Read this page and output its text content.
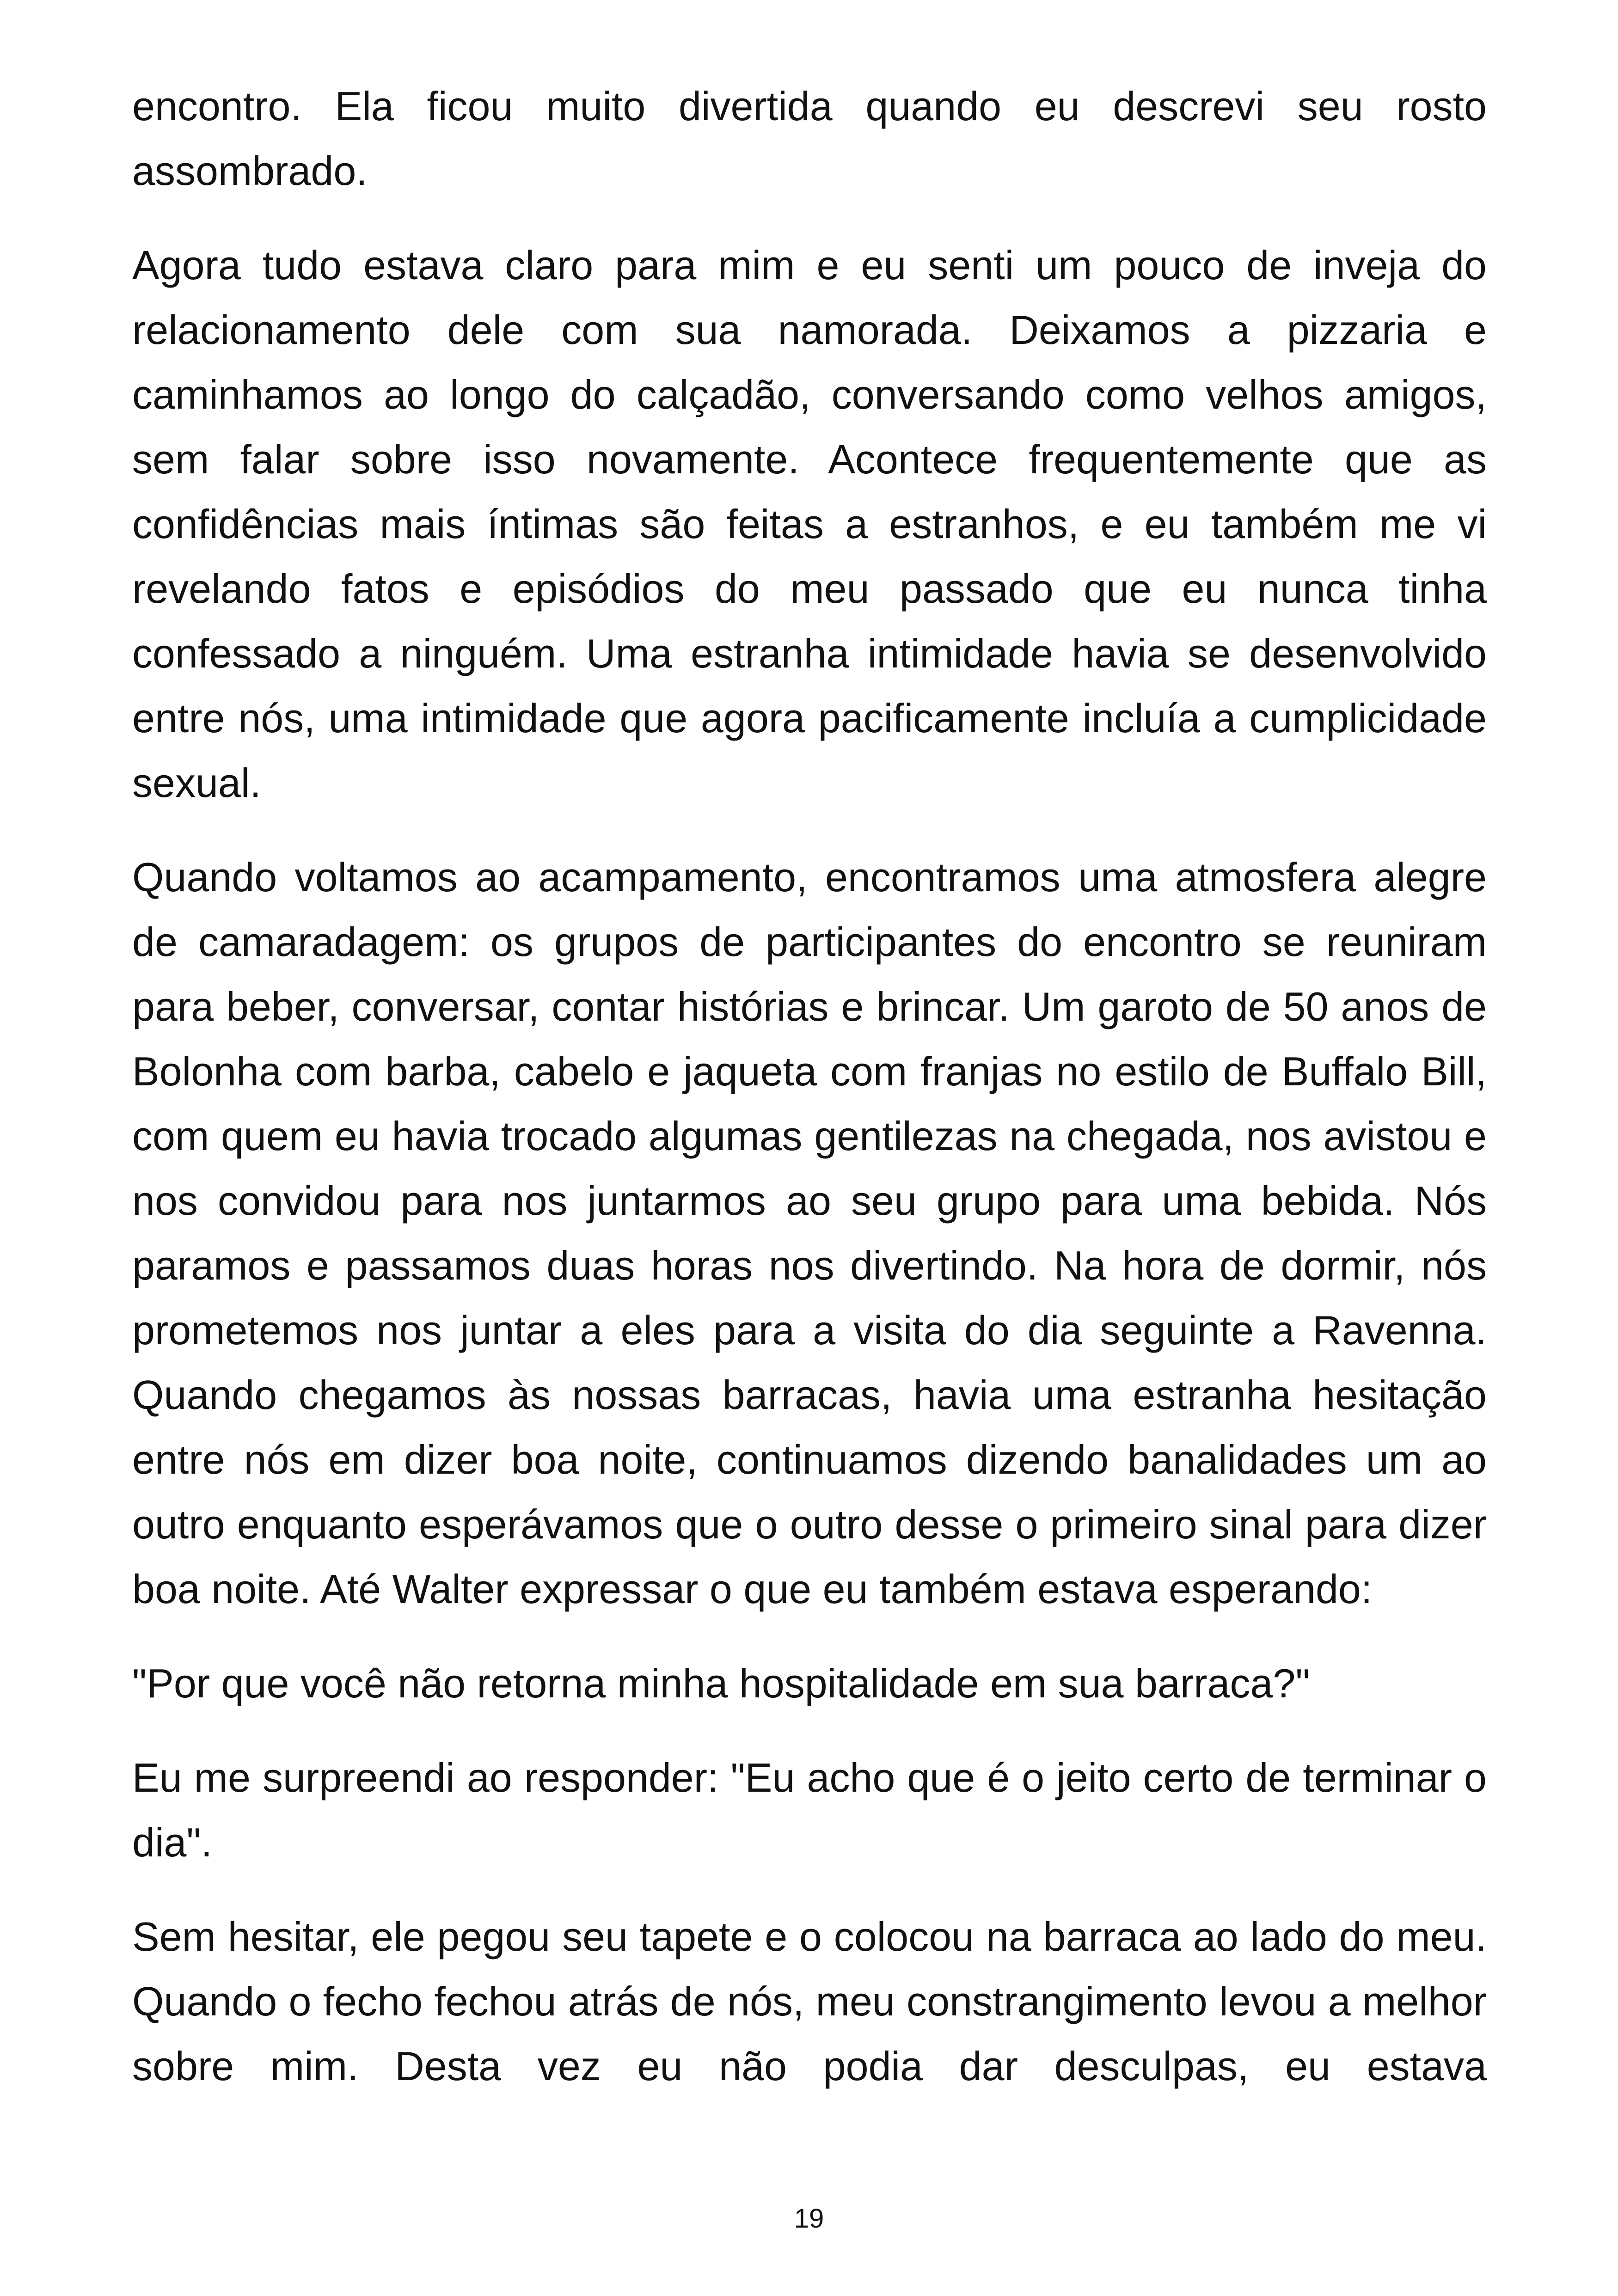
encontro. Ela ficou muito divertida quando eu descrevi seu rosto assombrado.

Agora tudo estava claro para mim e eu senti um pouco de inveja do relacionamento dele com sua namorada. Deixamos a pizzaria e caminhamos ao longo do calçadão, conversando como velhos amigos, sem falar sobre isso novamente. Acontece frequentemente que as confidências mais íntimas são feitas a estranhos, e eu também me vi revelando fatos e episódios do meu passado que eu nunca tinha confessado a ninguém. Uma estranha intimidade havia se desenvolvido entre nós, uma intimidade que agora pacificamente incluía a cumplicidade sexual.

Quando voltamos ao acampamento, encontramos uma atmosfera alegre de camaradagem: os grupos de participantes do encontro se reuniram para beber, conversar, contar histórias e brincar. Um garoto de 50 anos de Bolonha com barba, cabelo e jaqueta com franjas no estilo de Buffalo Bill, com quem eu havia trocado algumas gentilezas na chegada, nos avistou e nos convidou para nos juntarmos ao seu grupo para uma bebida. Nós paramos e passamos duas horas nos divertindo. Na hora de dormir, nós prometemos nos juntar a eles para a visita do dia seguinte a Ravenna. Quando chegamos às nossas barracas, havia uma estranha hesitação entre nós em dizer boa noite, continuamos dizendo banalidades um ao outro enquanto esperávamos que o outro desse o primeiro sinal para dizer boa noite. Até Walter expressar o que eu também estava esperando:

"Por que você não retorna minha hospitalidade em sua barraca?"

Eu me surpreendi ao responder: "Eu acho que é o jeito certo de terminar o dia".

Sem hesitar, ele pegou seu tapete e o colocou na barraca ao lado do meu. Quando o fecho fechou atrás de nós, meu constrangimento levou a melhor sobre mim. Desta vez eu não podia dar desculpas, eu estava

19
